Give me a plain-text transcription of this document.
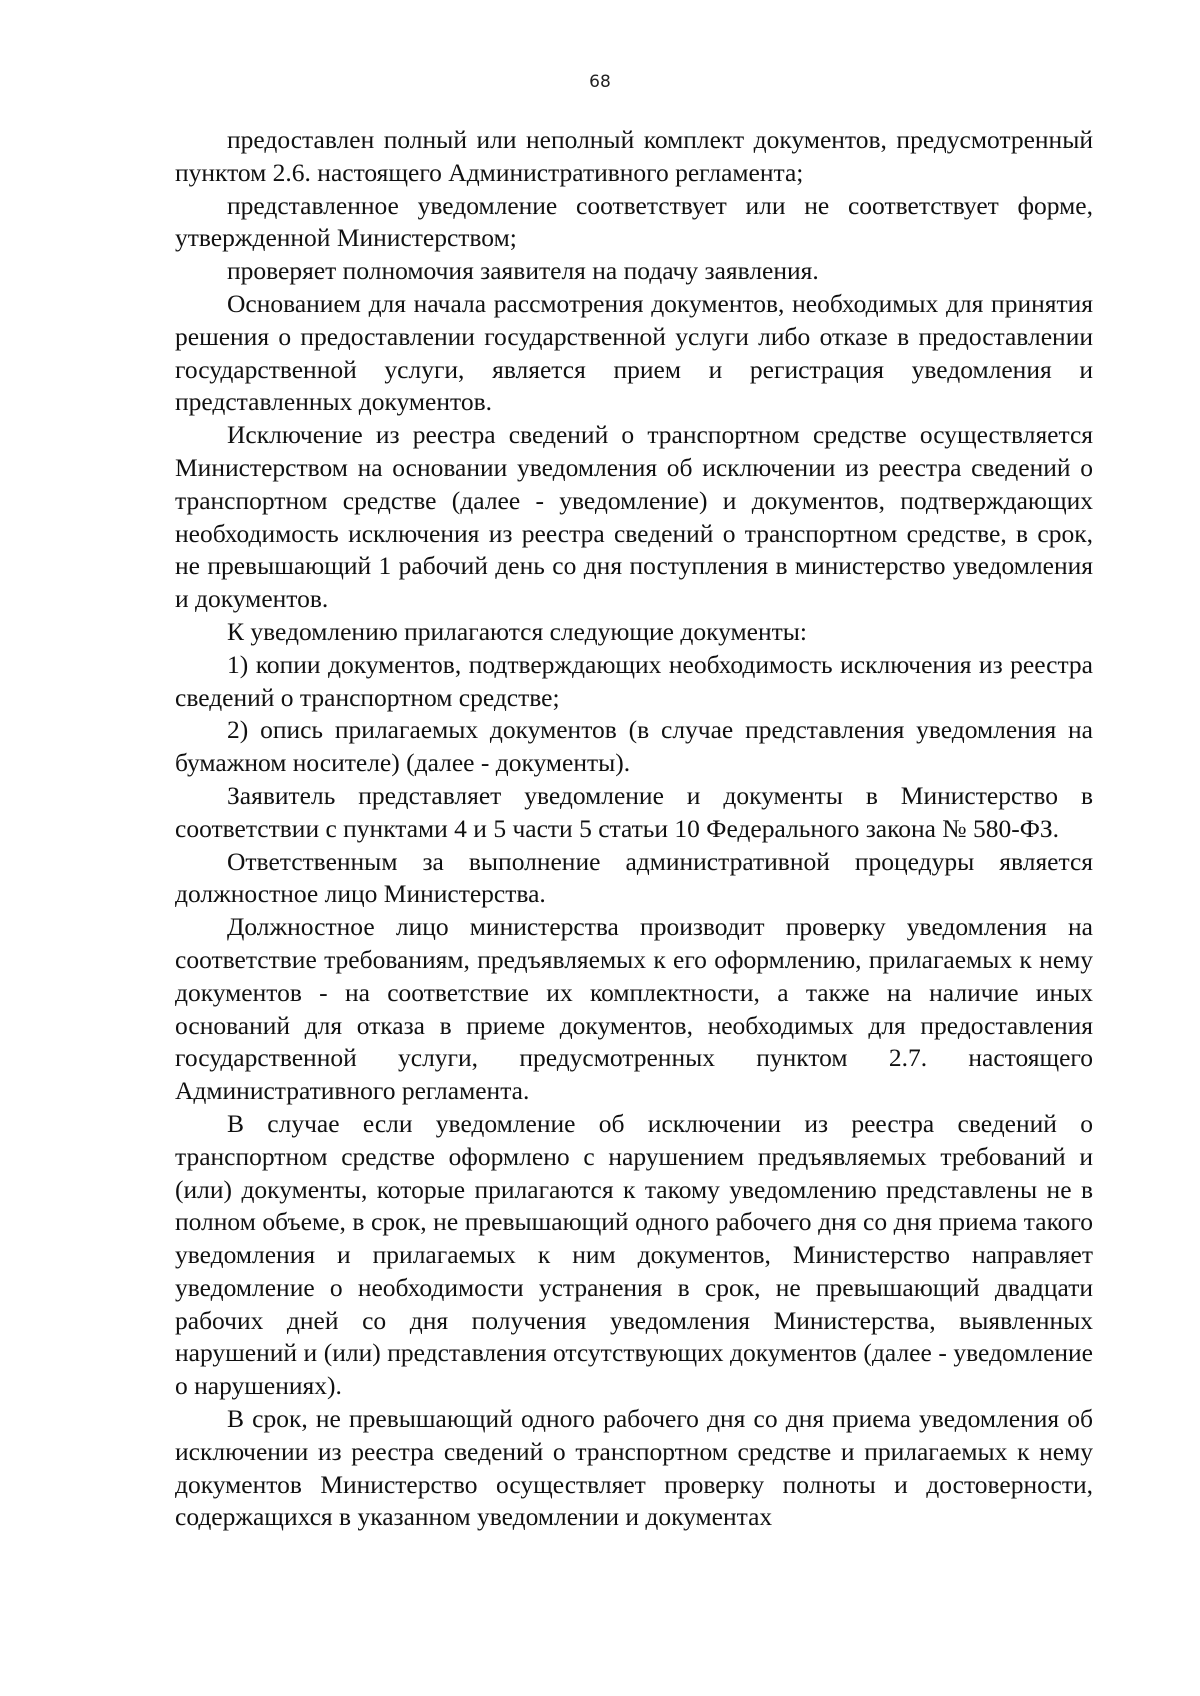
68

предоставлен полный или неполный комплект документов, предусмотренный пунктом 2.6. настоящего Административного регламента;

представленное уведомление соответствует или не соответствует форме, утвержденной Министерством;

проверяет полномочия заявителя на подачу заявления.

Основанием для начала рассмотрения документов, необходимых для принятия решения о предоставлении государственной услуги либо отказе в предоставлении государственной услуги, является прием и регистрация уведомления и представленных документов.

Исключение из реестра сведений о транспортном средстве осуществляется Министерством на основании уведомления об исключении из реестра сведений о транспортном средстве (далее - уведомление) и документов, подтверждающих необходимость исключения из реестра сведений о транспортном средстве, в срок, не превышающий 1 рабочий день со дня поступления в министерство уведомления и документов.

К уведомлению прилагаются следующие документы:

1) копии документов, подтверждающих необходимость исключения из реестра сведений о транспортном средстве;

2) опись прилагаемых документов (в случае представления уведомления на бумажном носителе) (далее - документы).

Заявитель представляет уведомление и документы в Министерство в соответствии с пунктами 4 и 5 части 5 статьи 10 Федерального закона № 580-ФЗ.

Ответственным за выполнение административной процедуры является должностное лицо Министерства.

Должностное лицо министерства производит проверку уведомления на соответствие требованиям, предъявляемых к его оформлению, прилагаемых к нему документов - на соответствие их комплектности, а также на наличие иных оснований для отказа в приеме документов, необходимых для предоставления государственной услуги, предусмотренных пунктом 2.7. настоящего Административного регламента.

В случае если уведомление об исключении из реестра сведений о транспортном средстве оформлено с нарушением предъявляемых требований и (или) документы, которые прилагаются к такому уведомлению представлены не в полном объеме, в срок, не превышающий одного рабочего дня со дня приема такого уведомления и прилагаемых к ним документов, Министерство направляет уведомление о необходимости устранения в срок, не превышающий двадцати рабочих дней со дня получения уведомления Министерства, выявленных нарушений и (или) представления отсутствующих документов (далее - уведомление о нарушениях).

В срок, не превышающий одного рабочего дня со дня приема уведомления об исключении из реестра сведений о транспортном средстве и прилагаемых к нему документов Министерство осуществляет проверку полноты и достоверности, содержащихся в указанном уведомлении и документах
